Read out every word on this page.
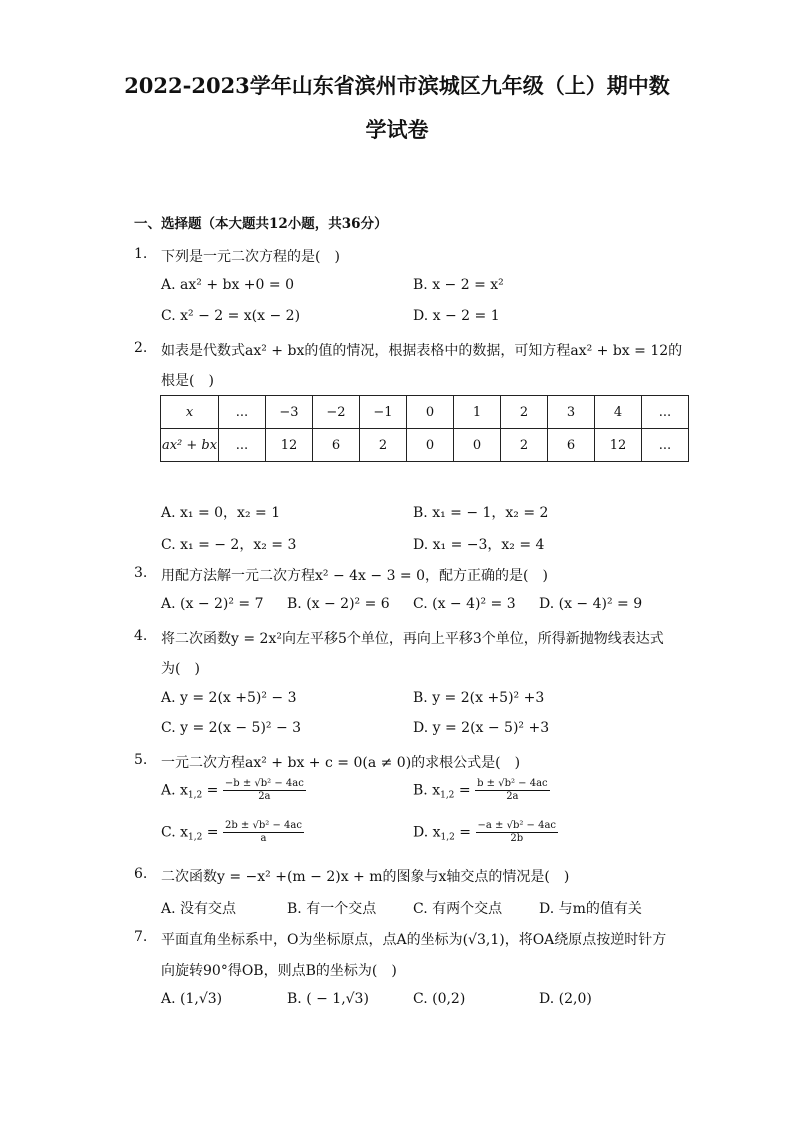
2022-2023学年山东省滨州市滨城区九年级（上）期中数
学试卷
一、选择题（本大题共12小题，共36分）
1. 下列是一元二次方程的是(　)
A. ax² + bx +0 = 0	B. x − 2 = x²
C. x² − 2 = x(x − 2)	D. x − 2 = 1
2. 如表是代数式ax² + bx的值的情况，根据表格中的数据，可知方程ax² + bx = 12的
根是(　)
x	...	−3	−2	−1	0	1	2	3	4	...
ax² + bx	...	12	6	2	0	0	2	6	12	...
A. x₁ = 0，x₂ = 1	B. x₁ = − 1，x₂ = 2
C. x₁ = − 2，x₂ = 3	D. x₁ = −3，x₂ = 4
3. 用配方法解一元二次方程x² − 4x − 3 = 0，配方正确的是(　)
A. (x − 2)² = 7 B. (x − 2)² = 6 C. (x − 4)² = 3 D. (x − 4)² = 9
4. 将二次函数y = 2x²向左平移5个单位，再向上平移3个单位，所得新抛物线表达式
为(　)
A. y = 2(x +5)² − 3	B. y = 2(x +5)² +3
C. y = 2(x − 5)² − 3	D. y = 2(x − 5)² +3
5. 一元二次方程ax² + bx + c = 0(a ≠ 0)的求根公式是(　)
A. $x_{1,2} = \frac{\text{−b ± √b² − 4ac}}{2a}$	B. $x_{1,2} = \frac{\text{b ± √b² − 4ac}}{2a}$
C. $x_{1,2} = \frac{\text{2b ± √b² − 4ac}}{a}$	D. $x_{1,2} = \frac{\text{−a ± √b² − 4ac}}{2b}$
6. 二次函数y = −x² +(m − 2)x + m的图象与x轴交点的情况是(　)
A. 没有交点	B. 有一个交点	C. 有两个交点	D. 与m的值有关
7. 平面直角坐标系中，O为坐标原点，点A的坐标为(√3,1)，将OA绕原点按逆时针方
向旋转90°得OB，则点B的坐标为(　)
A. (1,√3)	B. ( − 1,√3)	C. (0,2)	D. (2,0)
